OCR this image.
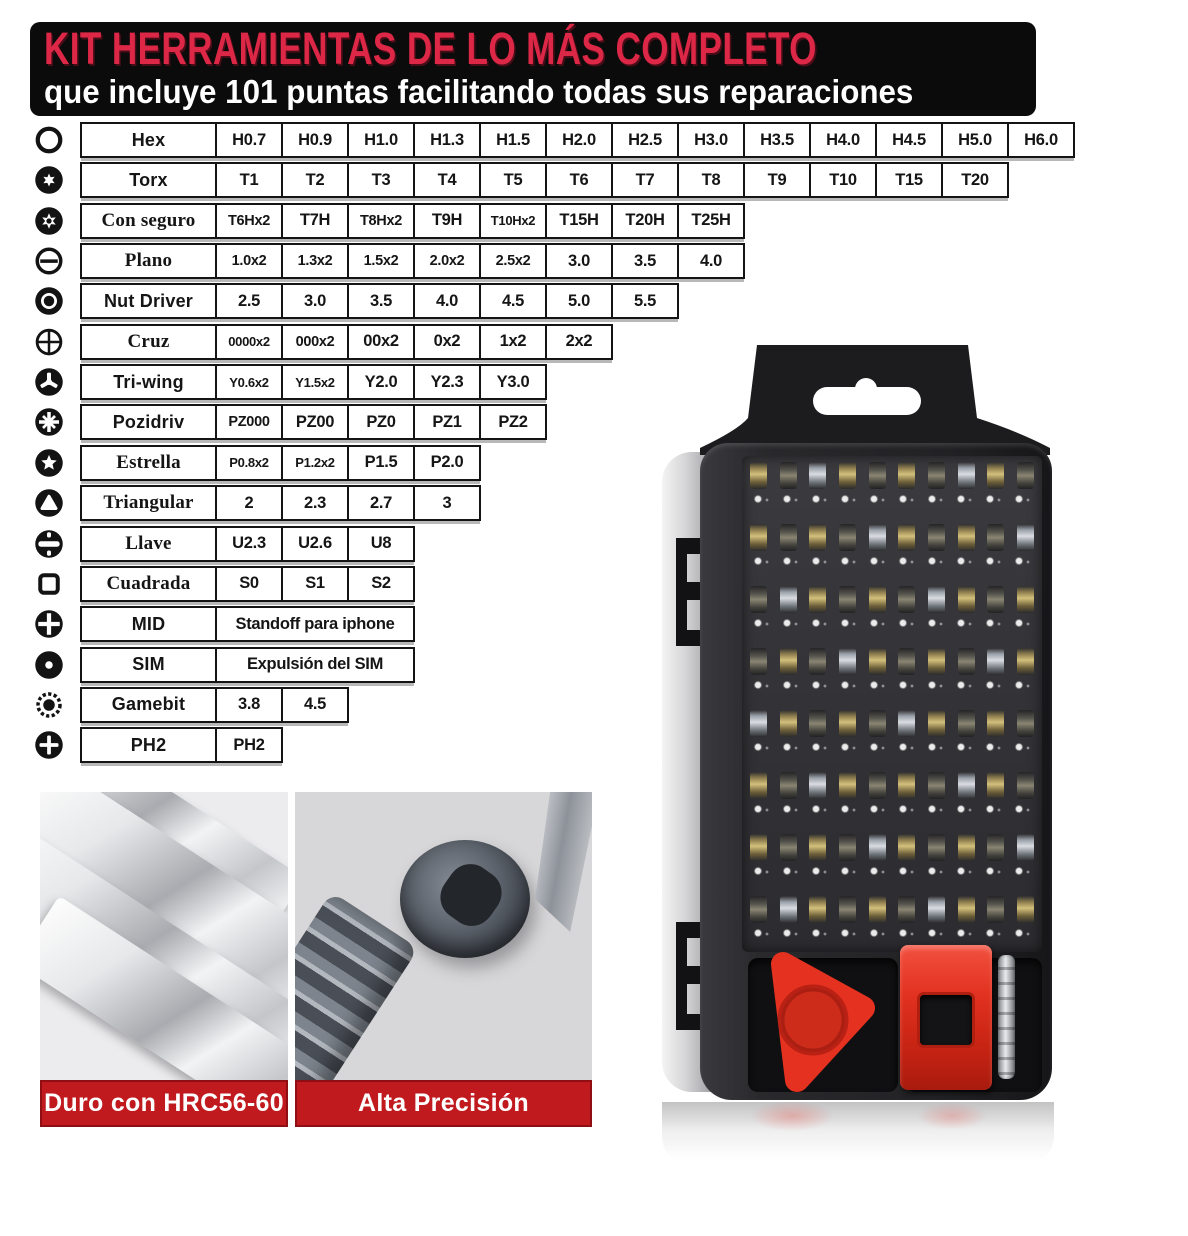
KIT HERRAMIENTAS DE LO MÁS COMPLETO
que incluye 101 puntas facilitando todas sus reparaciones
Hex	H0.7	H0.9	H1.0	H1.3	H1.5	H2.0	H2.5	H3.0	H3.5	H4.0	H4.5	H5.0	H6.0
Torx	T1	T2	T3	T4	T5	T6	T7	T8	T9	T10	T15	T20
Con seguro	T6Hx2	T7H	T8Hx2	T9H	T10Hx2	T15H	T20H	T25H
Plano	1.0x2	1.3x2	1.5x2	2.0x2	2.5x2	3.0	3.5	4.0
Nut Driver	2.5	3.0	3.5	4.0	4.5	5.0	5.5
Cruz	0000x2	000x2	00x2	0x2	1x2	2x2
Tri-wing	Y0.6x2	Y1.5x2	Y2.0	Y2.3	Y3.0
Pozidriv	PZ000	PZ00	PZ0	PZ1	PZ2
Estrella	P0.8x2	P1.2x2	P1.5	P2.0
Triangular	2	2.3	2.7	3
Llave	U2.3	U2.6	U8
Cuadrada	S0	S1	S2
MID	Standoff para iphone
SIM	Expulsión del SIM
Gamebit	3.8	4.5
PH2	PH2
Duro con HRC56-60	Alta Precisión
